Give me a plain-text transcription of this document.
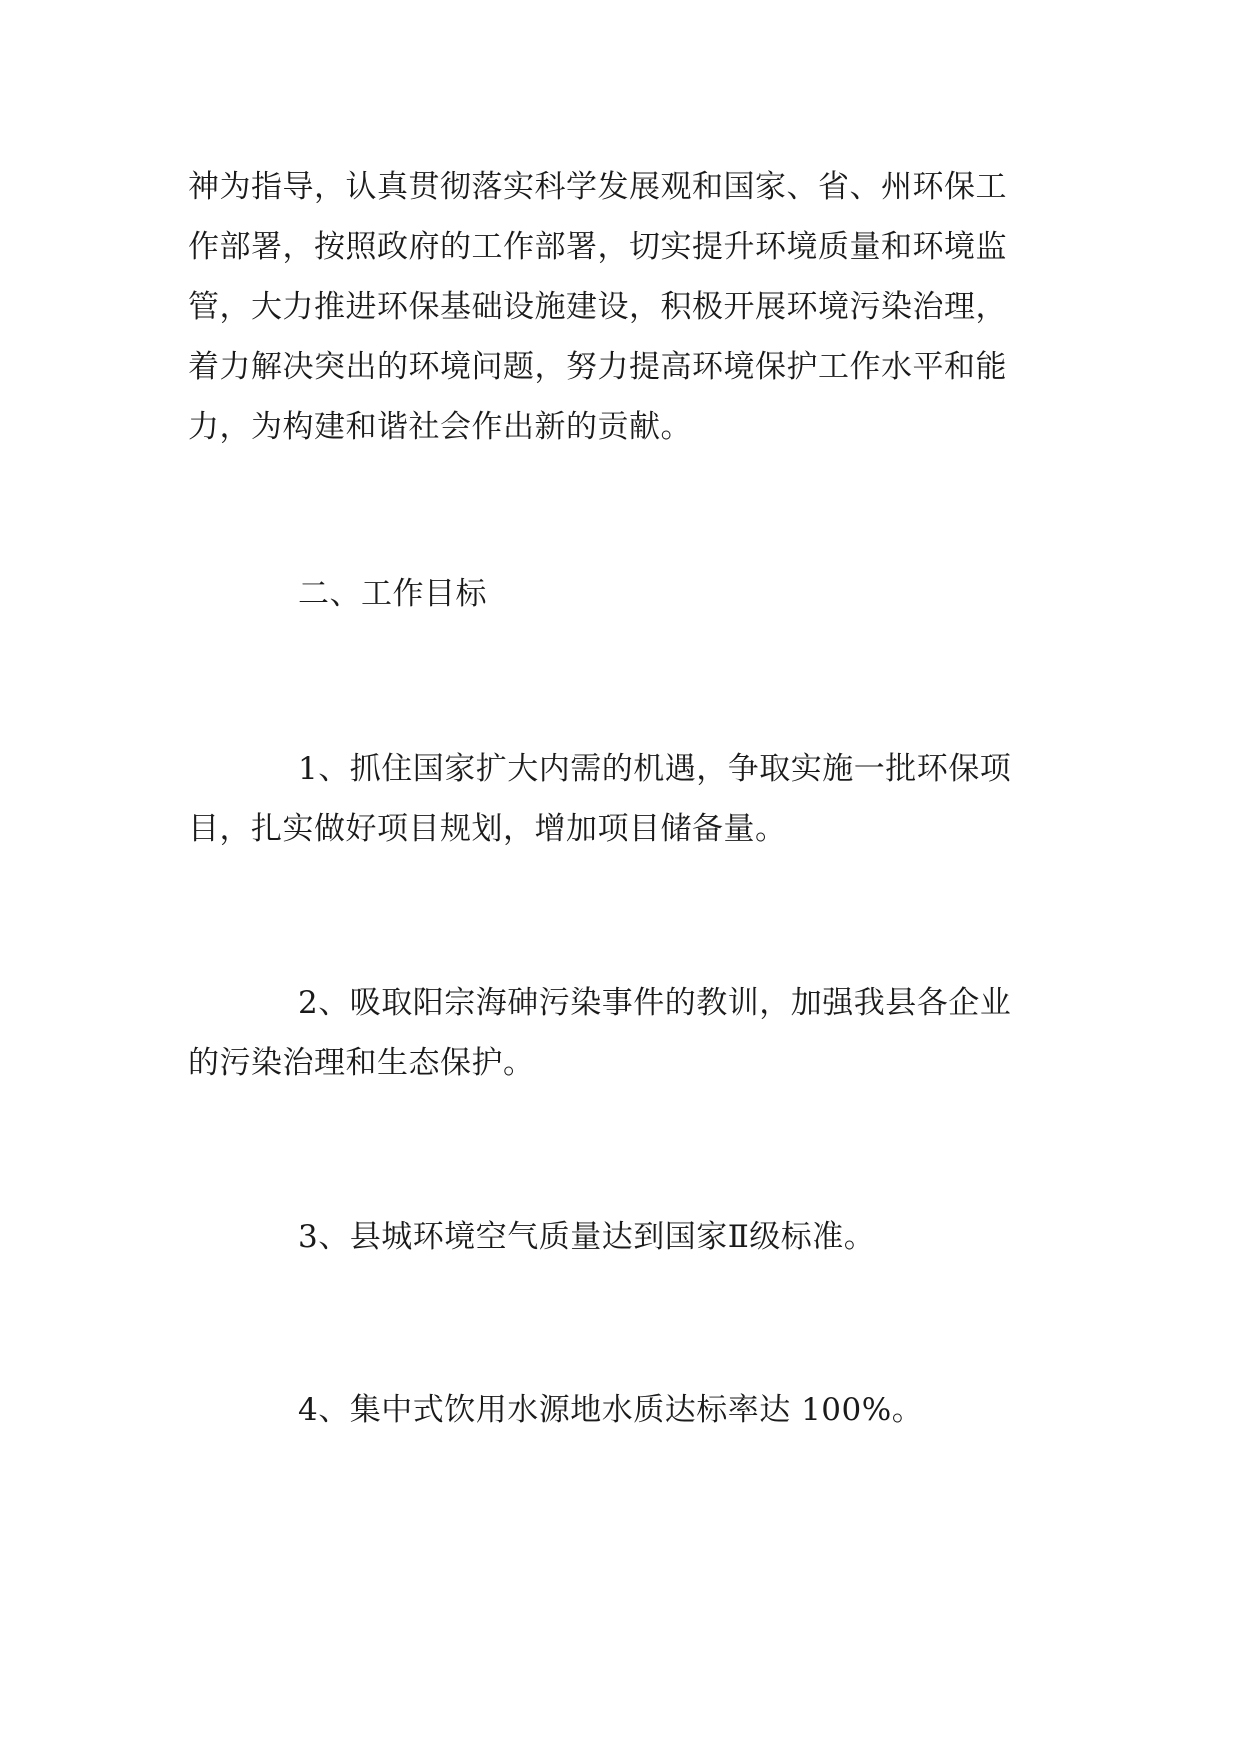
神为指导，认真贯彻落实科学发展观和国家、省、州环保工

作部署，按照政府的工作部署，切实提升环境质量和环境监

管，大力推进环保基础设施建设，积极开展环境污染治理，

着力解决突出的环境问题，努力提高环境保护工作水平和能

力，为构建和谐社会作出新的贡献。

二、工作目标

1、抓住国家扩大内需的机遇，争取实施一批环保项

目，扎实做好项目规划，增加项目储备量。

2、吸取阳宗海砷污染事件的教训，加强我县各企业

的污染治理和生态保护。

3、县城环境空气质量达到国家Ⅱ级标准。

4、集中式饮用水源地水质达标率达 100%。
